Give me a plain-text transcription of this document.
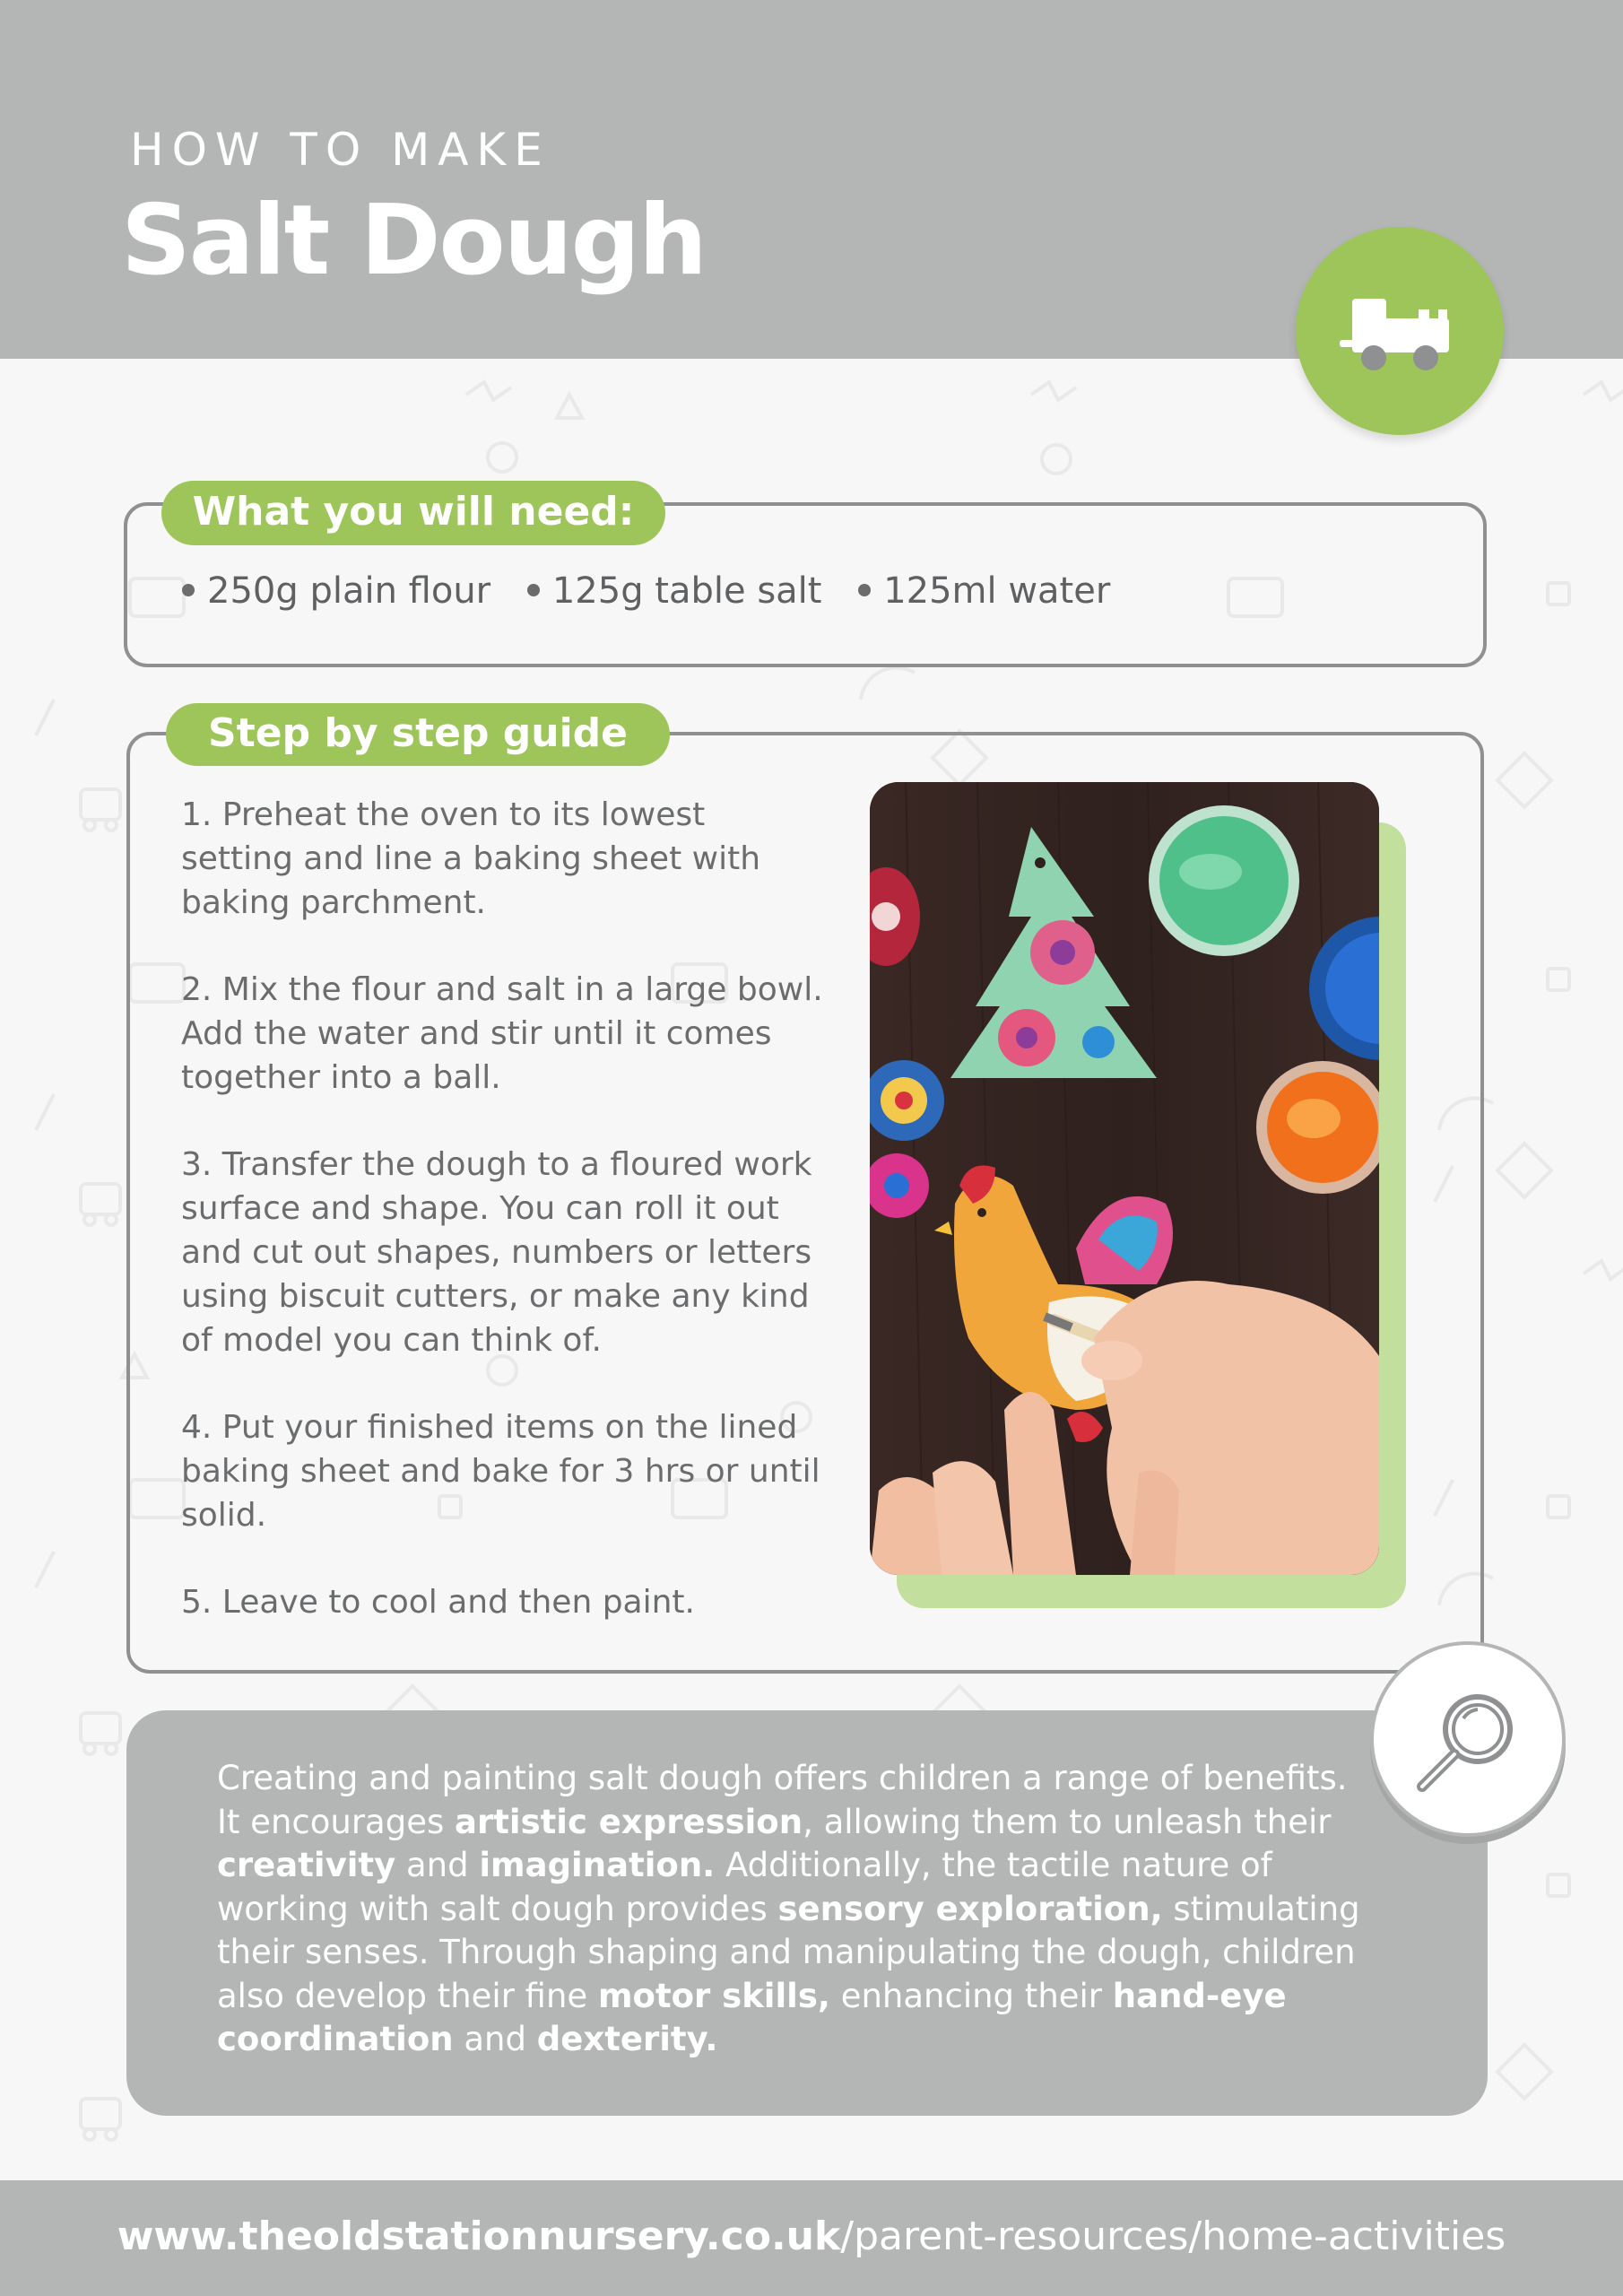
HOW TO MAKE
Salt Dough
What you will need:
250g plain flour 125g table salt 125ml water
Step by step guide

1. Preheat the oven to its lowest setting and line a baking sheet with baking parchment.

2. Mix the flour and salt in a large bowl. Add the water and stir until it comes together into a ball.

3. Transfer the dough to a floured work surface and shape. You can roll it out and cut out shapes, numbers or letters using biscuit cutters, or make any kind of model you can think of.

4. Put your finished items on the lined baking sheet and bake for 3 hrs or until solid.

5. Leave to cool and then paint.

Creating and painting salt dough offers children a range of benefits. It encourages artistic expression, allowing them to unleash their creativity and imagination. Additionally, the tactile nature of working with salt dough provides sensory exploration, stimulating their senses. Through shaping and manipulating the dough, children also develop their fine motor skills, enhancing their hand-eye coordination and dexterity.

www.theoldstationnursery.co.uk/parent-resources/home-activities
